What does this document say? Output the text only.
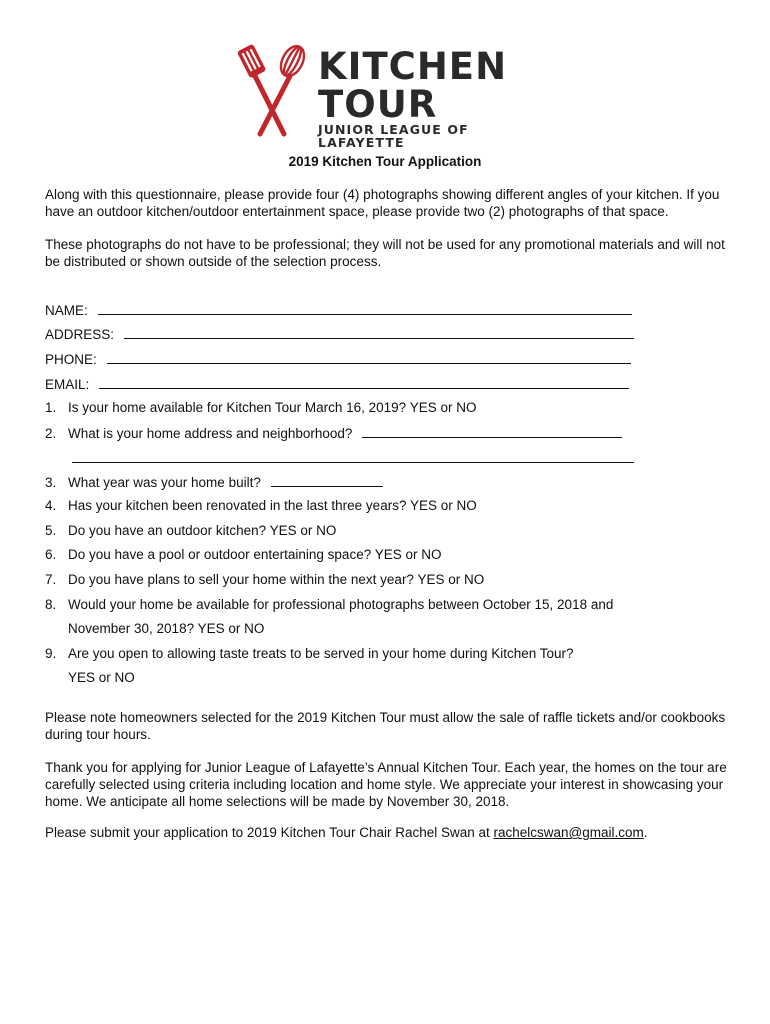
KITCHEN
TOUR
JUNIOR LEAGUE OF LAFAYETTE
2019 Kitchen Tour Application

Along with this questionnaire, please provide four (4) photographs showing different angles of your kitchen. If you have an outdoor kitchen/outdoor entertainment space, please provide two (2) photographs of that space.

These photographs do not have to be professional; they will not be used for any promotional materials and will not be distributed or shown outside of the selection process.

NAME:
ADDRESS:
PHONE:
EMAIL:
1. Is your home available for Kitchen Tour March 16, 2019? YES or NO
2. What is your home address and neighborhood?
3. What year was your home built?
4. Has your kitchen been renovated in the last three years? YES or NO
5. Do you have an outdoor kitchen? YES or NO
6. Do you have a pool or outdoor entertaining space? YES or NO
7. Do you have plans to sell your home within the next year? YES or NO
8. Would your home be available for professional photographs between October 15, 2018 and
November 30, 2018? YES or NO
9. Are you open to allowing taste treats to be served in your home during Kitchen Tour?
YES or NO

Please note homeowners selected for the 2019 Kitchen Tour must allow the sale of raffle tickets and/or cookbooks during tour hours.

Thank you for applying for Junior League of Lafayette’s Annual Kitchen Tour. Each year, the homes on the tour are carefully selected using criteria including location and home style. We appreciate your interest in showcasing your home. We anticipate all home selections will be made by November 30, 2018.

Please submit your application to 2019 Kitchen Tour Chair Rachel Swan at rachelcswan@gmail.com.
